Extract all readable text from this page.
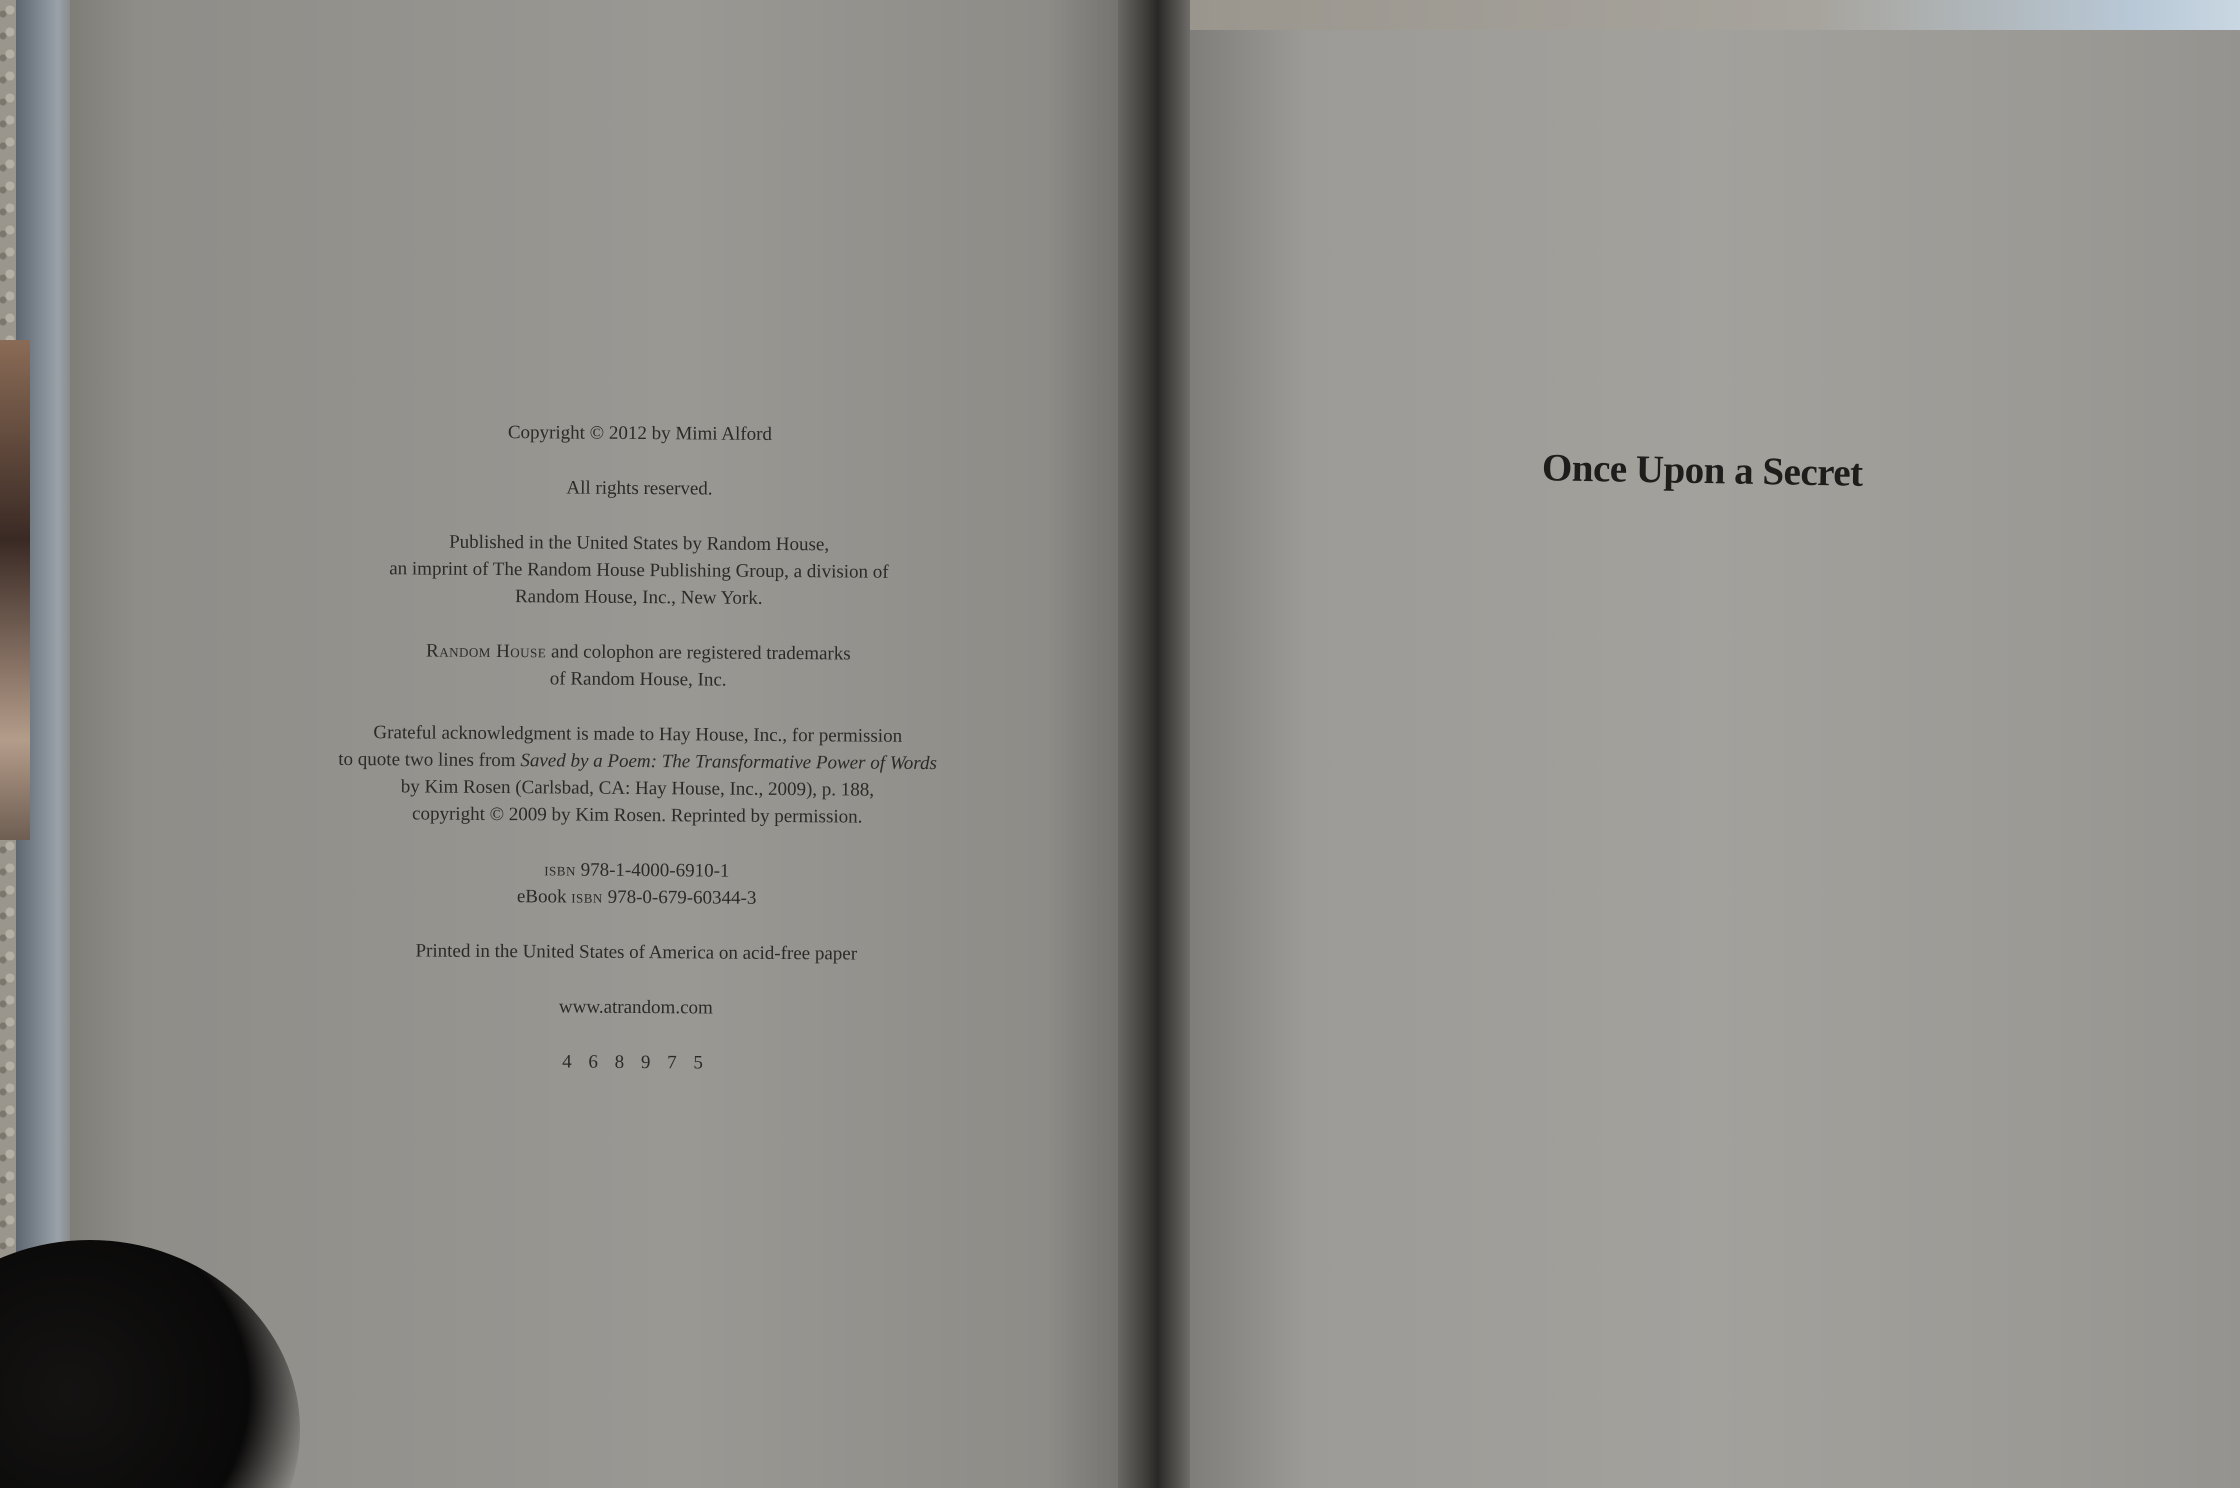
Copyright © 2012 by Mimi Alford

All rights reserved.

Published in the United States by Random House,

an imprint of The Random House Publishing Group, a division of

Random House, Inc., New York.

Random House and colophon are registered trademarks

of Random House, Inc.

Grateful acknowledgment is made to Hay House, Inc., for permission

to quote two lines from Saved by a Poem: The Transformative Power of Words

by Kim Rosen (Carlsbad, CA: Hay House, Inc., 2009), p. 188,

copyright © 2009 by Kim Rosen. Reprinted by permission.

isbn 978-1-4000-6910-1

eBook isbn 978-0-679-60344-3

Printed in the United States of America on acid-free paper

www.atrandom.com

4 6 8 9 7 5

Once Upon a Secret
